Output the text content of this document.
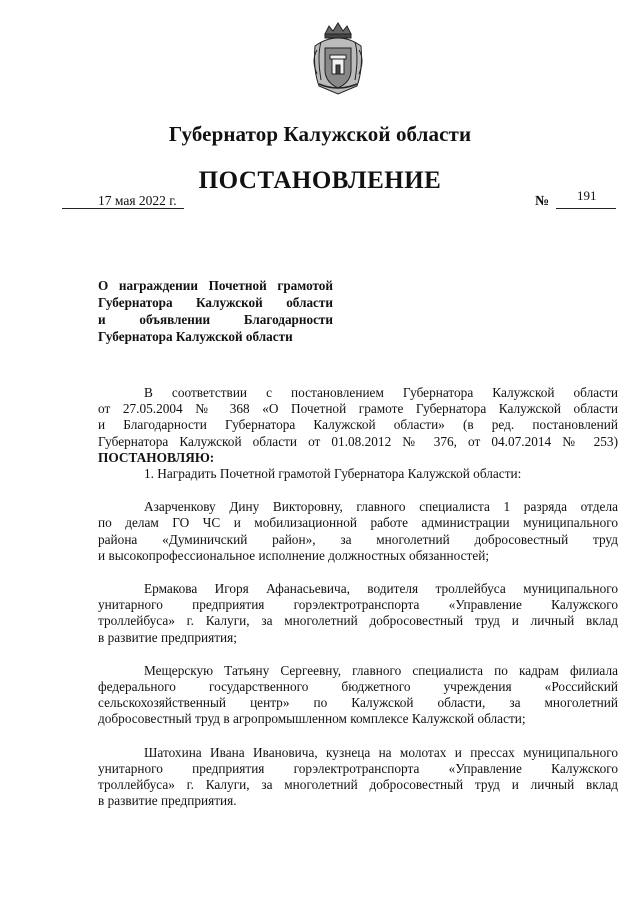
Губернатор Калужской области
ПОСТАНОВЛЕНИЕ
17 мая 2022 г.	№ 191
О награждении Почетной грамотой
Губернатора Калужской области
и объявлении Благодарности
Губернатора Калужской области

В соответствии с постановлением Губернатора Калужской области
от 27.05.2004 № 368 «О Почетной грамоте Губернатора Калужской области
и Благодарности Губернатора Калужской области» (в ред. постановлений
Губернатора Калужской области от 01.08.2012 № 376, от 04.07.2014 № 253)

ПОСТАНОВЛЯЮ:

1. Наградить Почетной грамотой Губернатора Калужской области:

Азарченкову Дину Викторовну, главного специалиста 1 разряда отдела
по делам ГО ЧС и мобилизационной работе администрации муниципального
района «Думиничский район», за многолетний добросовестный труд
и высокопрофессиональное исполнение должностных обязанностей;

Ермакова Игоря Афанасьевича, водителя троллейбуса муниципального
унитарного предприятия горэлектротранспорта «Управление Калужского
троллейбуса» г. Калуги, за многолетний добросовестный труд и личный вклад
в развитие предприятия;

Мещерскую Татьяну Сергеевну, главного специалиста по кадрам филиала
федерального государственного бюджетного учреждения «Российский
сельскохозяйственный центр» по Калужской области, за многолетний
добросовестный труд в агропромышленном комплексе Калужской области;

Шатохина Ивана Ивановича, кузнеца на молотах и прессах муниципального
унитарного предприятия горэлектротранспорта «Управление Калужского
троллейбуса» г. Калуги, за многолетний добросовестный труд и личный вклад
в развитие предприятия.
